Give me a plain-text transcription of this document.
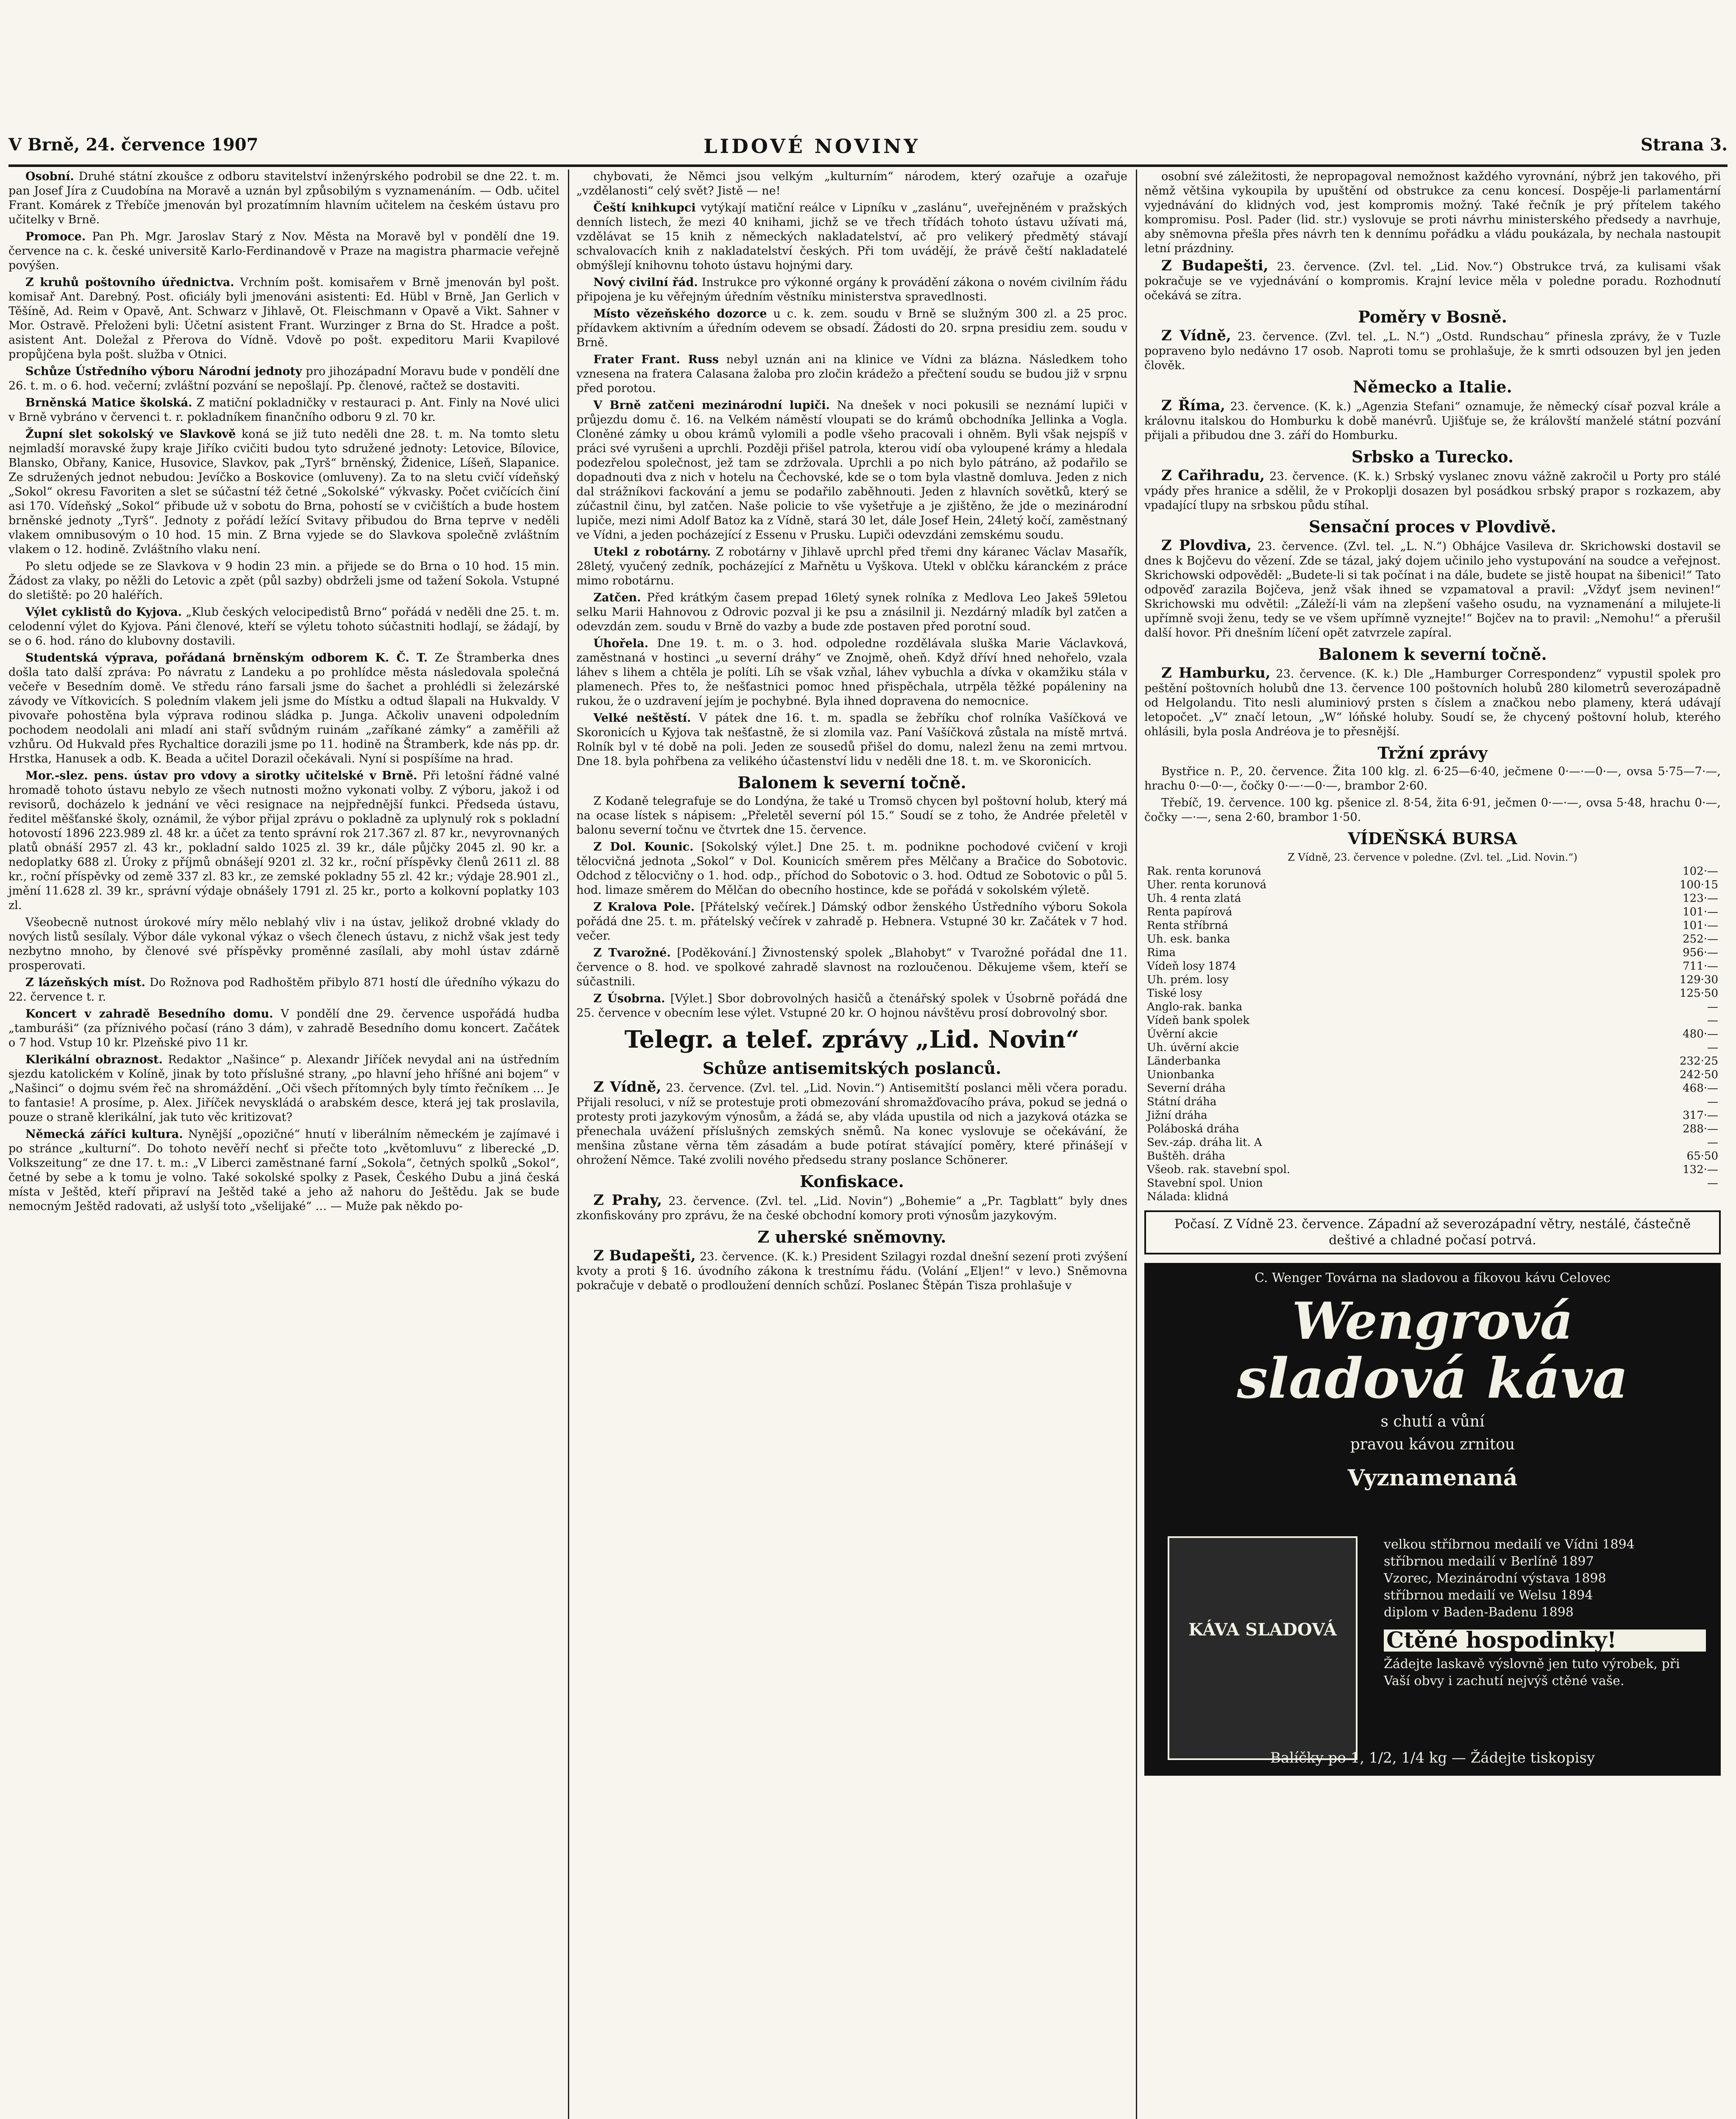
V Brně, 24. července 1907	LIDOVÉ NOVINY	Strana 3.

Osobní. Druhé státní zkoušce z odboru stavitelství inženýrského podrobil se dne 22. t. m. pan Josef Jíra z Cuudobína na Moravě a uznán byl způsobilým s vyznamenáním. — Odb. učitel Frant. Komárek z Třebíče jmenován byl prozatímním hlavním učitelem na českém ústavu pro učitelky v Brně.

Promoce. Pan Ph. Mgr. Jaroslav Starý z Nov. Města na Moravě byl v pondělí dne 19. července na c. k. české universitě Karlo-Ferdinandově v Praze na magistra pharmacie veřejně povýšen.

Z kruhů poštovního úřednictva. Vrchním pošt. komisařem v Brně jmenován byl pošt. komisař Ant. Darebný. Post. oficiály byli jmenováni asistenti: Ed. Hübl v Brně, Jan Gerlich v Těšíně, Ad. Reim v Opavě, Ant. Schwarz v Jihlavě, Ot. Fleischmann v Opavě a Vikt. Sahner v Mor. Ostravě. Přeloženi byli: Účetní asistent Frant. Wurzinger z Brna do St. Hradce a pošt. asistent Ant. Doležal z Přerova do Vídně. Vdově po pošt. expeditoru Marii Kvapilové propůjčena byla pošt. služba v Otnici.

Schůze Ústředního výboru Národní jednoty pro jihozápadní Moravu bude v pondělí dne 26. t. m. o 6. hod. večerní; zvláštní pozvání se nepošlají. Pp. členové, račtež se dostaviti.

Brněnská Matice školská. Z matiční pokladničky v restauraci p. Ant. Finly na Nové ulici v Brně vybráno v červenci t. r. pokladníkem finančního odboru 9 zl. 70 kr.

Župní slet sokolský ve Slavkově koná se již tuto neděli dne 28. t. m. Na tomto sletu nejmladší moravské župy kraje Jiříko cvičiti budou tyto sdružené jednoty: Letovice, Bílovice, Blansko, Obřany, Kanice, Husovice, Slavkov, pak „Tyrš“ brněnský, Židenice, Líšeň, Slapanice. Ze sdružených jednot nebudou: Jevíčko a Boskovice (omluveny). Za to na sletu cvičí vídeňský „Sokol“ okresu Favoriten a slet se súčastní též četné „Sokolské“ výkvasky. Počet cvičících činí asi 170. Vídeňský „Sokol“ přibude už v sobotu do Brna, pohostí se v cvičištích a bude hostem brněnské jednoty „Tyrš“. Jednoty z pořádí ležící Svitavy přibudou do Brna teprve v neděli vlakem omnibusovým o 10 hod. 15 min. Z Brna vyjede se do Slavkova společně zvláštním vlakem o 12. hodině. Zvláštního vlaku není.

Po sletu odjede se ze Slavkova v 9 hodin 23 min. a přijede se do Brna o 10 hod. 15 min. Žádost za vlaky, po něžli do Letovic a zpět (půl sazby) obdrželi jsme od tažení Sokola. Vstupné do sletiště: po 20 haléřích.

Výlet cyklistů do Kyjova. „Klub českých velocipedistů Brno“ pořádá v neděli dne 25. t. m. celodenní výlet do Kyjova. Páni členové, kteří se výletu tohoto súčastniti hodlají, se žádají, by se o 6. hod. ráno do klubovny dostavili.

Studentská výprava, pořádaná brněnským odborem K. Č. T. Ze Štramberka dnes došla tato další zpráva: Po návratu z Landeku a po prohlídce města následovala společná večeře v Besedním domě. Ve středu ráno farsali jsme do šachet a prohlédli si železárské závody ve Vítkovicích. S poledním vlakem jeli jsme do Místku a odtud šlapali na Hukvaldy. V pivovaře pohostěna byla výprava rodinou sládka p. Junga. Ačkoliv unaveni odpoledním pochodem neodolali ani mladí ani staří svůdným ruinám „zaříkané zámky“ a zaměřili až vzhůru. Od Hukvald přes Rychaltice dorazili jsme po 11. hodině na Štramberk, kde nás pp. dr. Hrstka, Hanusek a odb. K. Beada a učitel Dorazil očekávali. Nyní si pospíšíme na hrad.

Mor.-slez. pens. ústav pro vdovy a sirotky učitelské v Brně. Při letošní řádné valné hromadě tohoto ústavu nebylo ze všech nutnosti možno vykonati volby. Z výboru, jakož i od revisorů, docházelo k jednání ve věci resignace na nejpřednější funkci. Předseda ústavu, ředitel měšťanské školy, oznámil, že výbor přijal zprávu o pokladně za uplynulý rok s pokladní hotovostí 1896 223.989 zl. 48 kr. a účet za tento správní rok 217.367 zl. 87 kr., nevyrovnaných platů obnáší 2957 zl. 43 kr., pokladní saldo 1025 zl. 39 kr., dále půjčky 2045 zl. 90 kr. a nedoplatky 688 zl. Úroky z příjmů obnášejí 9201 zl. 32 kr., roční příspěvky členů 2611 zl. 88 kr., roční příspěvky od země 337 zl. 83 kr., ze zemské pokladny 55 zl. 42 kr.; výdaje 28.901 zl., jmění 11.628 zl. 39 kr., správní výdaje obnášely 1791 zl. 25 kr., porto a kolkovní poplatky 103 zl.

Všeobecně nutnost úrokové míry mělo neblahý vliv i na ústav, jelikož drobné vklady do nových listů sesílaly. Výbor dále vykonal výkaz o všech členech ústavu, z nichž však jest tedy nezbytno mnoho, by členové své příspěvky proměnné zasílali, aby mohl ústav zdárně prosperovati.

Z lázeňských míst. Do Rožnova pod Radhoštěm přibylo 871 hostí dle úředního výkazu do 22. července t. r.

Koncert v zahradě Besedního domu. V pondělí dne 29. července uspořádá hudba „tamburáši“ (za příznivého počasí (ráno 3 dám), v zahradě Besedního domu koncert. Začátek o 7 hod. Vstup 10 kr. Plzeňské pivo 11 kr.

Klerikální obraznost. Redaktor „Našince“ p. Alexandr Jiříček nevydal ani na ústředním sjezdu katolickém v Kolíně, jinak by toto příslušné strany, „po hlavní jeho hříšné ani bojem“ v „Našinci“ o dojmu svém řeč na shromáždění. „Oči všech přítomných byly tímto řečníkem … Je to fantasie! A prosíme, p. Alex. Jiříček nevyskládá o arabském desce, která jej tak proslavila, pouze o straně klerikální, jak tuto věc kritizovat?

Německá záříci kultura. Nynější „opozičné“ hnutí v liberálním německém je zajímavé i po stránce „kulturní“. Do tohoto nevěří nechť si přečte toto „květomluvu“ z liberecké „D. Volkszeitung“ ze dne 17. t. m.: „V Liberci zaměstnané farní „Sokola“, četných spolků „Sokol“, četné by sebe a k tomu je volno. Také sokolské spolky z Pasek, Českého Dubu a jiná česká místa v Ještěd, kteří připraví na Ještěd také a jeho až nahoru do Ještědu. Jak se bude nemocným Ještěd radovati, až uslyší toto „všelijaké“ … — Muže pak někdo po-

chybovati, že Němci jsou velkým „kulturním“ národem, který ozařuje a ozařuje „vzdělanosti“ celý svět? Jistě — ne!

Čeští knihkupci vytýkají matiční reálce v Lipníku v „zaslánu“, uveřejněném v pražských denních listech, že mezi 40 knihami, jichž se ve třech třídách tohoto ústavu užívati má, vzdělávat se 15 knih z německých nakladatelství, ač pro velikerý předmětý stávají schvalovacích knih z nakladatelství českých. Při tom uvádějí, že právě čeští nakladatelé obmýšlejí knihovnu tohoto ústavu hojnými dary.

Nový civilní řád. Instrukce pro výkonné orgány k provádění zákona o novém civilním řádu připojena je ku věřejným úředním věstníku ministerstva spravedlnosti.

Místo vězeňského dozorce u c. k. zem. soudu v Brně se služným 300 zl. a 25 proc. přídavkem aktivním a úředním odevem se obsadí. Žádosti do 20. srpna presidiu zem. soudu v Brně.

Frater Frant. Russ nebyl uznán ani na klinice ve Vídni za blázna. Následkem toho vznesena na fratera Calasana žaloba pro zločin krádežo a přečtení soudu se budou již v srpnu před porotou.

V Brně zatčeni mezinárodní lupiči. Na dnešek v noci pokusili se neznámí lupiči v průjezdu domu č. 16. na Velkém náměstí vloupati se do krámů obchodníka Jellinka a Vogla. Cloněné zámky u obou krámů vylomili a podle všeho pracovali i ohněm. Byli však nejspíš v práci své vyrušeni a uprchli. Později přišel patrola, kterou vidí oba vyloupené krámy a hledala podezřelou společnost, jež tam se zdržovala. Uprchli a po nich bylo pátráno, až podařilo se dopadnouti dva z nich v hotelu na Čechovské, kde se o tom byla vlastně domluva. Jeden z nich dal strážníkovi fackování a jemu se podařilo zaběhnouti. Jeden z hlavních sovětků, který se zúčastnil činu, byl zatčen. Naše policie to vše vyšetřuje a je zjištěno, že jde o mezinárodní lupiče, mezi nimi Adolf Batoz ka z Vídně, stará 30 let, dále Josef Hein, 24letý kočí, zaměstnaný ve Vídni, a jeden pocházející z Essenu v Prusku. Lupiči odevzdáni zemskému soudu.

Utekl z robotárny. Z robotárny v Jihlavě uprchl před třemi dny káranec Václav Masařík, 28letý, vyučený zedník, pocházející z Mařnětu u Vyškova. Utekl v oblčku káranckém z práce mimo robotárnu.

Zatčen. Před krátkým časem prepad 16letý synek rolníka z Medlova Leo Jakeš 59letou selku Marii Hahnovou z Odrovic pozval ji ke psu a znásilnil ji. Nezdárný mladík byl zatčen a odevzdán zem. soudu v Brně do vazby a bude zde postaven před porotní soud.

Úhořela. Dne 19. t. m. o 3. hod. odpoledne rozdělávala sluška Marie Václavková, zaměstnaná v hostinci „u severní dráhy“ ve Znojmě, oheň. Když dříví hned nehořelo, vzala láhev s lihem a chtěla je políti. Líh se však vzňal, láhev vybuchla a dívka v okamžiku stála v plamenech. Přes to, že nešťastnici pomoc hned přispěchala, utrpěla těžké popáleniny na rukou, že o uzdravení jejím je pochybné. Byla ihned dopravena do nemocnice.

Velké neštěstí. V pátek dne 16. t. m. spadla se žebříku chof rolníka Vašíčková ve Skoronicích u Kyjova tak nešťastně, že si zlomila vaz. Paní Vašíčková zůstala na místě mrtvá. Rolník byl v té době na poli. Jeden ze sousedů přišel do domu, nalezl ženu na zemi mrtvou. Dne 18. byla pohřbena za velikého účastenství lidu v neděli dne 18. t. m. ve Skoronicích.

Balonem k severní točně.

Z Kodaně telegrafuje se do Londýna, že také u Tromsö chycen byl poštovní holub, který má na ocase lístek s nápisem: „Přeletěl severní pól 15.“ Soudí se z toho, že Andrée přeletěl v balonu severní točnu ve čtvrtek dne 15. července.

Z Dol. Kounic. [Sokolský výlet.] Dne 25. t. m. podnikne pochodové cvičení v kroji tělocvičná jednota „Sokol“ v Dol. Kounicích směrem přes Mělčany a Bračice do Sobotovic. Odchod z tělocvičny o 1. hod. odp., příchod do Sobotovic o 3. hod. Odtud ze Sobotovic o půl 5. hod. limaze směrem do Mělčan do obecního hostince, kde se pořádá v sokolském výletě.

Z Kralova Pole. [Přátelský večírek.] Dámský odbor ženského Ústředního výboru Sokola pořádá dne 25. t. m. přátelský večírek v zahradě p. Hebnera. Vstupné 30 kr. Začátek v 7 hod. večer.

Z Tvarožné. [Poděkování.] Živnostenský spolek „Blahobyt“ v Tvarožné pořádal dne 11. července o 8. hod. ve spolkové zahradě slavnost na rozloučenou. Děkujeme všem, kteří se súčastnili.

Z Úsobrna. [Výlet.] Sbor dobrovolných hasičů a čtenářský spolek v Úsobrně pořádá dne 25. července v obecním lese výlet. Vstupné 20 kr. O hojnou návštěvu prosí dobrovolný sbor.

Telegr. a telef. zprávy „Lid. Novin“
Schůze antisemitských poslanců.

Z Vídně, 23. července. (Zvl. tel. „Lid. Novin.“) Antisemitští poslanci měli včera poradu. Přijali resoluci, v níž se protestuje proti obmezování shromažďovacího práva, pokud se jedná o protesty proti jazykovým výnosům, a žádá se, aby vláda upustila od nich a jazyková otázka se přenechala uvážení příslušných zemských sněmů. Na konec vyslovuje se očekávání, že menšina zůstane věrna těm zásadám a bude potírat stávající poměry, které přinášejí v ohrožení Němce. Také zvolili nového předsedu strany poslance Schönerer.

Konfiskace.

Z Prahy, 23. července. (Zvl. tel. „Lid. Novin“) „Bohemie“ a „Pr. Tagblatt“ byly dnes zkonfiskovány pro zprávu, že na české obchodní komory proti výnosům jazykovým.

Z uherské sněmovny.

Z Budapešti, 23. července. (K. k.) President Szilagyi rozdal dnešní sezení proti zvýšení kvoty a proti § 16. úvodního zákona k trestnímu řádu. (Volání „Eljen!“ v levo.) Sněmovna pokračuje v debatě o prodloužení denních schůzí. Poslanec Štěpán Tisza prohlašuje v

osobní své záležitosti, že nepropagoval nemožnost každého vyrovnání, nýbrž jen takového, při němž většina vykoupila by upuštění od obstrukce za cenu koncesí. Dospěje-li parlamentární vyjednávání do klidných vod, jest kompromis možný. Také řečník je prý přítelem takého kompromisu. Posl. Pader (lid. str.) vyslovuje se proti návrhu ministerského předsedy a navrhuje, aby sněmovna přešla přes návrh ten k dennímu pořádku a vládu poukázala, by nechala nastoupit letní prázdniny.

Z Budapešti, 23. července. (Zvl. tel. „Lid. Nov.“) Obstrukce trvá, za kulisami však pokračuje se ve vyjednávání o kompromis. Krajní levice měla v poledne poradu. Rozhodnutí očekává se zítra.

Poměry v Bosně.

Z Vídně, 23. července. (Zvl. tel. „L. N.“) „Ostd. Rundschau“ přinesla zprávy, že v Tuzle popraveno bylo nedávno 17 osob. Naproti tomu se prohlašuje, že k smrti odsouzen byl jen jeden člověk.

Německo a Italie.

Z Říma, 23. července. (K. k.) „Agenzia Stefani“ oznamuje, že německý císař pozval krále a královnu italskou do Homburku k době manévrů. Ujišťuje se, že královští manželé státní pozvání přijali a přibudou dne 3. září do Homburku.

Srbsko a Turecko.

Z Cařihradu, 23. července. (K. k.) Srbský vyslanec znovu vážně zakročil u Porty pro stálé vpády přes hranice a sdělil, že v Prokoplji dosazen byl posádkou srbský prapor s rozkazem, aby vpadající tlupy na srbskou půdu stíhal.

Sensační proces v Plovdivě.

Z Plovdiva, 23. července. (Zvl. tel. „L. N.“) Obhájce Vasileva dr. Skrichowski dostavil se dnes k Bojčevu do vězení. Zde se tázal, jaký dojem učinilo jeho vystupování na soudce a veřejnost. Skrichowski odpověděl: „Budete-li si tak počínat i na dále, budete se jistě houpat na šibenici!“ Tato odpověď zarazila Bojčeva, jenž však ihned se vzpamatoval a pravil: „Vždyť jsem nevinen!“ Skrichowski mu odvětil: „Záleží-li vám na zlepšení vašeho osudu, na vyznamenání a milujete-li upřímně svoji ženu, tedy se ve všem upřímně vyznejte!“ Bojčev na to pravil: „Nemohu!“ a přerušil další hovor. Při dnešním líčení opět zatvrzele zapíral.

Balonem k severní točně.

Z Hamburku, 23. července. (K. k.) Dle „Hamburger Correspondenz“ vypustil spolek pro peštění poštovních holubů dne 13. července 100 poštovních holubů 280 kilometrů severozápadně od Helgolandu. Tito nesli aluminiový prsten s číslem a značkou nebo plameny, která udávají letopočet. „V“ značí letoun, „W“ lóňské holuby. Soudí se, že chycený poštovní holub, kterého ohlásili, byla posla Andréova je to přesnější.

Tržní zprávy

Bystřice n. P., 20. července. Žita 100 klg. zl. 6·25—6·40, ječmene 0·—·—0·—, ovsa 5·75—7·—, hrachu 0·—0·—, čočky 0·—·—0·—, brambor 2·60.

Třebíč, 19. července. 100 kg. pšenice zl. 8·54, žita 6·91, ječmen 0·—·—, ovsa 5·48, hrachu 0·—, čočky —·—, sena 2·60, brambor 1·50.

VÍDEŇSKÁ BURSA
Z Vídně, 23. července v poledne. (Zvl. tel. „Lid. Novin.“)
Rak. renta korunová	102·—
Uher. renta korunová	100·15
Uh. 4 renta zlatá	123·—
Renta papírová	101·—
Renta stříbrná	101·—
Uh. esk. banka	252·—
Rima	956·—
Vídeň losy 1874	711·—
Uh. prém. losy	129·30
Tiské losy	125·50
Anglo-rak. banka	—
Vídeň bank spolek	—
Úvěrní akcie	480·—
Uh. úvěrní akcie	—
Länderbanka	232·25
Unionbanka	242·50
Severní dráha	468·—
Státní dráha	—
Jižní dráha	317·—
Poláboská dráha	288·—
Sev.-záp. dráha lit. A	—
Buštěh. dráha	65·50
Všeob. rak. stavební spol.	132·—
Stavební spol. Union	—
Nálada: klidná	
Počasí. Z Vídně 23. července. Západní až severozápadní větry, nestálé, částečně deštivé a chladné počasí potrvá.
C. Wenger Továrna na sladovou a fíkovou kávu Celovec
Wengrová
sladová káva
s chutí a vůní
pravou kávou zrnitou
Vyznamenaná
KÁVA SLADOVÁ
velkou stříbrnou medailí ve Vídni 1894
stříbrnou medailí v Berlíně 1897
Vzorec, Mezinárodní výstava 1898
stříbrnou medailí ve Welsu 1894
diplom v Baden-Badenu 1898
Ctěné hospodinky!
Žádejte laskavě výslovně jen tuto výrobek, při Vaší obvy i zachutí nejvýš ctěné vaše.
Balíčky po 1, 1/2, 1/4 kg — Žádejte tiskopisy
